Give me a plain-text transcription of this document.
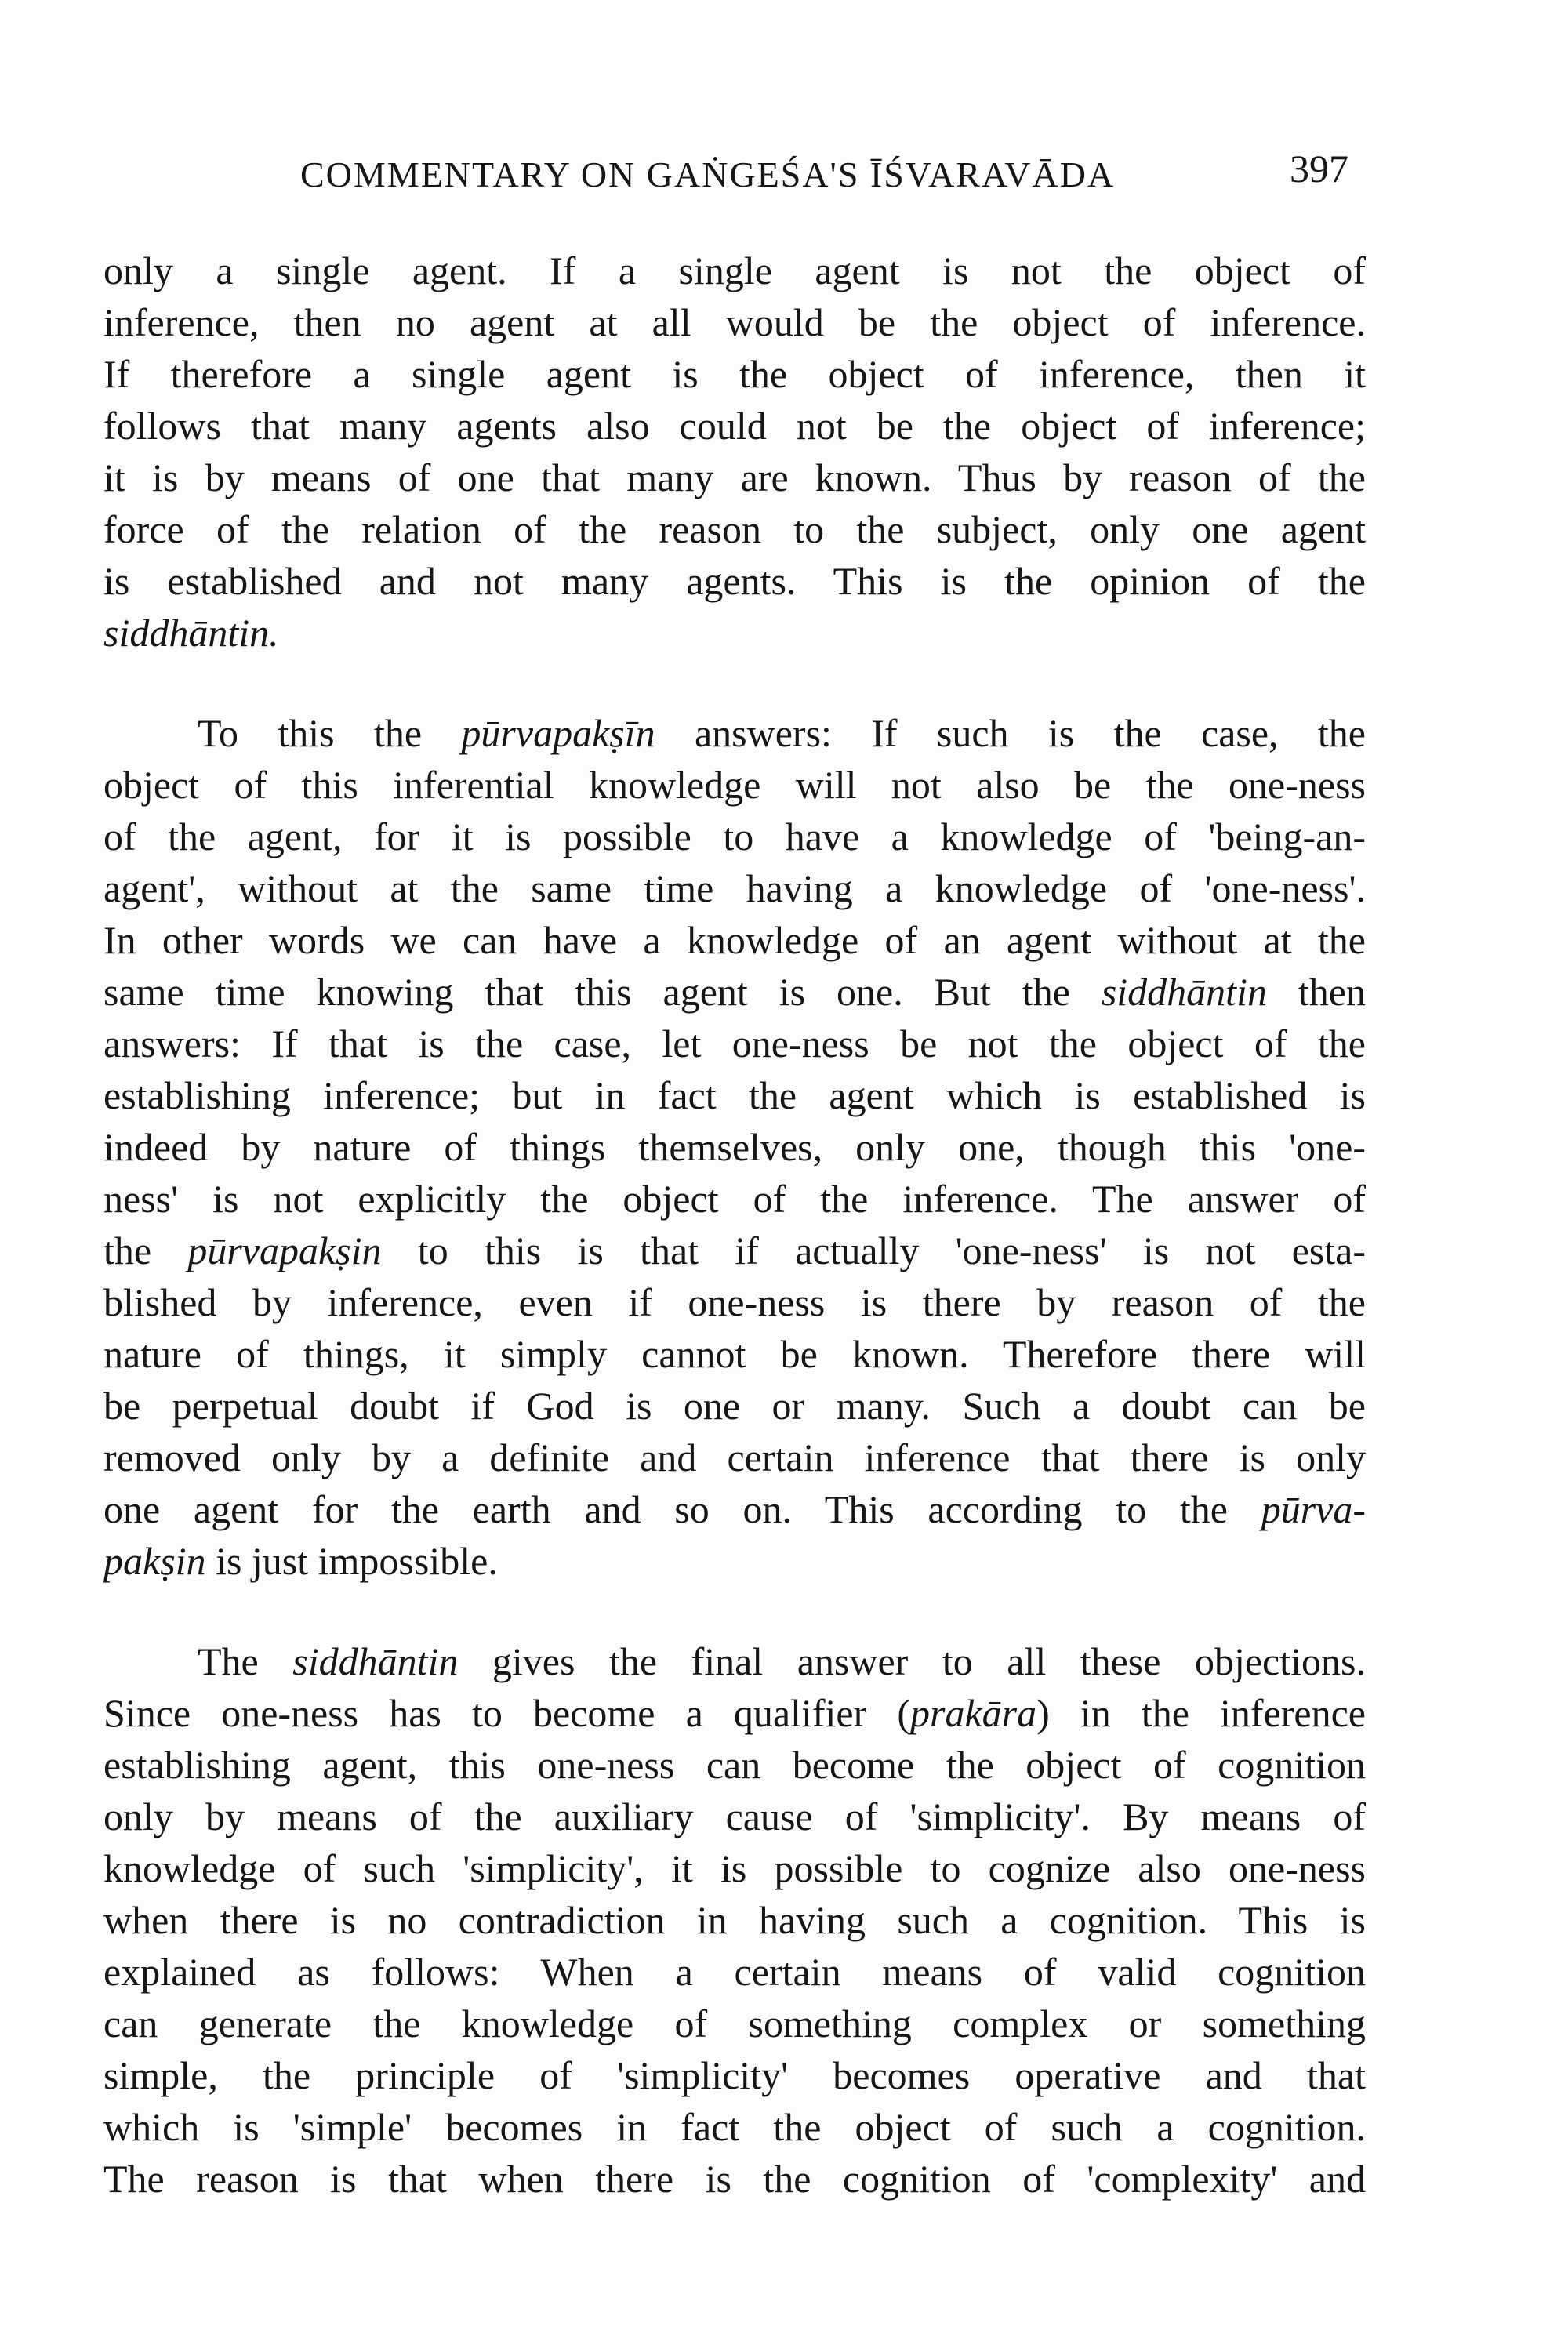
COMMENTARY ON GAṄGEŚA'S ĪŚVARAVĀDA	397
only a single agent. If a single agent is not the object of
inference, then no agent at all would be the object of inference.
If therefore a single agent is the object of inference, then it
follows that many agents also could not be the object of inference;
it is by means of one that many are known. Thus by reason of the
force of the relation of the reason to the subject, only one agent
is established and not many agents. This is the opinion of the
siddhāntin.
To this the pūrvapakṣīn answers: If such is the case, the
object of this inferential knowledge will not also be the one-ness
of the agent, for it is possible to have a knowledge of 'being-an-
agent', without at the same time having a knowledge of 'one-ness'.
In other words we can have a knowledge of an agent without at the
same time knowing that this agent is one. But the siddhāntin then
answers: If that is the case, let one-ness be not the object of the
establishing inference; but in fact the agent which is established is
indeed by nature of things themselves, only one, though this 'one-
ness' is not explicitly the object of the inference. The answer of
the pūrvapakṣin to this is that if actually 'one-ness' is not esta-
blished by inference, even if one-ness is there by reason of the
nature of things, it simply cannot be known. Therefore there will
be perpetual doubt if God is one or many. Such a doubt can be
removed only by a definite and certain inference that there is only
one agent for the earth and so on. This according to the pūrva-
pakṣin is just impossible.
The siddhāntin gives the final answer to all these objections.
Since one-ness has to become a qualifier (prakāra) in the inference
establishing agent, this one-ness can become the object of cognition
only by means of the auxiliary cause of 'simplicity'. By means of
knowledge of such 'simplicity', it is possible to cognize also one-ness
when there is no contradiction in having such a cognition. This is
explained as follows: When a certain means of valid cognition
can generate the knowledge of something complex or something
simple, the principle of 'simplicity' becomes operative and that
which is 'simple' becomes in fact the object of such a cognition.
The reason is that when there is the cognition of 'complexity' and
